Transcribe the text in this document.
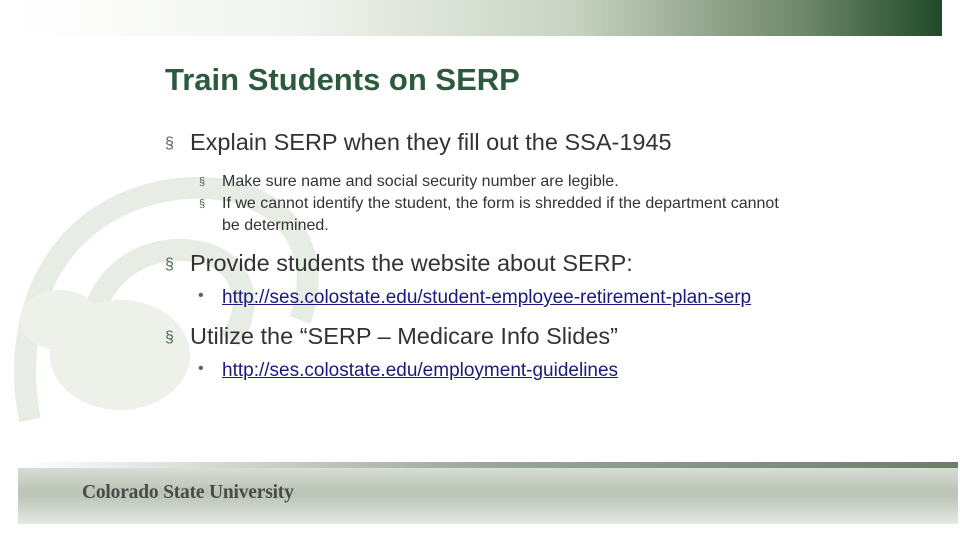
Train Students on SERP
§ Explain SERP when they fill out the SSA-1945
§ Make sure name and social security number are legible.
§ If we cannot identify the student, the form is shredded if the department cannot be determined.
§ Provide students the website about SERP:
• http://ses.colostate.edu/student-employee-retirement-plan-serp
§ Utilize the “SERP – Medicare Info Slides”
• http://ses.colostate.edu/employment-guidelines
Colorado State University
